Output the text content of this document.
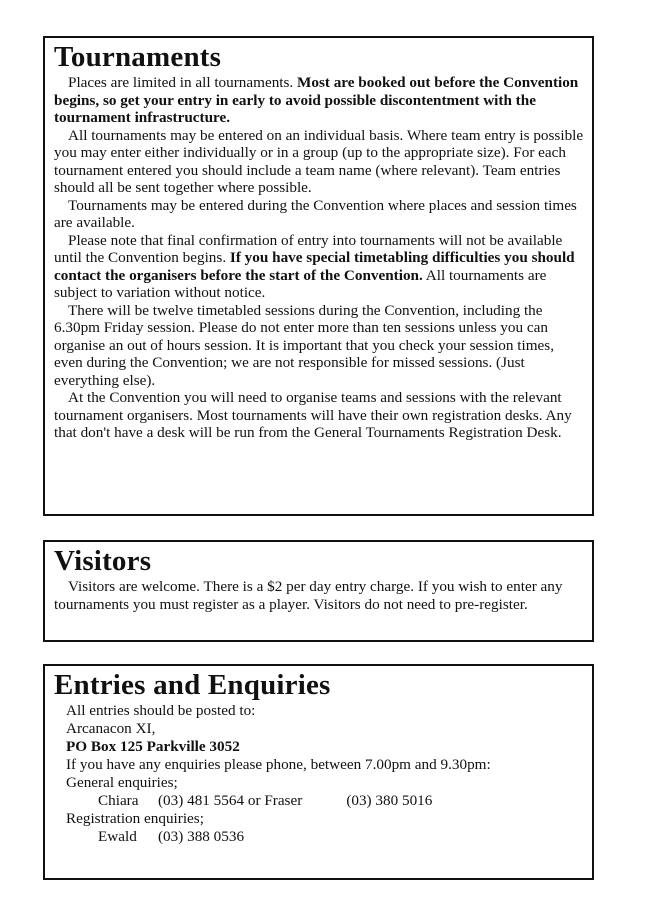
Tournaments

Places are limited in all tournaments. Most are booked out before the Convention begins, so get your entry in early to avoid possible discontentment with the tournament infrastructure.

All tournaments may be entered on an individual basis. Where team entry is possible you may enter either individually or in a group (up to the appropriate size). For each tournament entered you should include a team name (where relevant). Team entries should all be sent together where possible.

Tournaments may be entered during the Convention where places and session times are available.

Please note that final confirmation of entry into tournaments will not be available until the Convention begins. If you have special timetabling difficulties you should contact the organisers before the start of the Convention. All tournaments are subject to variation without notice.

There will be twelve timetabled sessions during the Convention, including the 6.30pm Friday session. Please do not enter more than ten sessions unless you can organise an out of hours session. It is important that you check your session times, even during the Convention; we are not responsible for missed sessions. (Just everything else).

At the Convention you will need to organise teams and sessions with the relevant tournament organisers. Most tournaments will have their own registration desks. Any that don't have a desk will be run from the General Tournaments Registration Desk.

Visitors

Visitors are welcome. There is a $2 per day entry charge. If you wish to enter any tournaments you must register as a player. Visitors do not need to pre-register.

Entries and Enquiries
All entries should be posted to:
Arcanacon XI,
PO Box 125 Parkville 3052
If you have any enquiries please phone, between 7.00pm and 9.30pm:
General enquiries;
Chiara (03) 481 5564 or Fraser	(03) 380 5016
Registration enquiries;
Ewald (03) 388 0536
